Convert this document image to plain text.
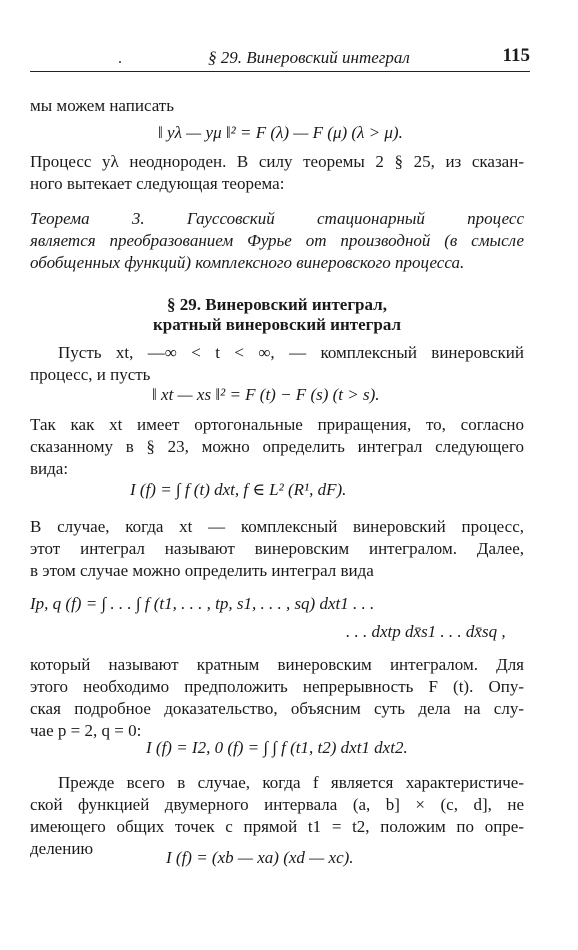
.	§ 29. Винеровский интеграл	115
мы можем написать
‖ yλ — yμ ‖² = F (λ) — F (μ) (λ > μ).
Процесс yλ неоднороден. В силу теоремы 2 § 25, из сказан-
ного вытекает следующая теорема:
Теорема 3. Гауссовский стационарный процесс
является преобразованием Фурье от производной (в смысле
обобщенных функций) комплексного винеровского процесса.
§ 29. Винеровский интеграл,
кратный винеровский интеграл
Пусть xt, —∞ < t < ∞, — комплексный винеровский
процесс, и пусть
‖ xt — xs ‖² = F (t) − F (s) (t > s).
Так как xt имеет ортогональные приращения, то, согласно
сказанному в § 23, можно определить интеграл следующего
вида:
I (f) = ∫ f (t) dxt, f ∈ L² (R¹, dF).
В случае, когда xt — комплексный винеровский процесс,
этот интеграл называют винеровским интегралом. Далее,
в этом случае можно определить интеграл вида
Ip, q (f) = ∫ . . . ∫ f (t1, . . . , tp, s1, . . . , sq) dxt1 . . .
. . . dxtp dx̄s1 . . . dx̄sq ,
который называют кратным винеровским интегралом. Для
этого необходимо предположить непрерывность F (t). Опу-
ская подробное доказательство, объясним суть дела на слу-
чае p = 2, q = 0:
I (f) = I2, 0 (f) = ∫ ∫ f (t1, t2) dxt1 dxt2.
Прежде всего в случае, когда f является характеристиче-
ской функцией двумерного интервала (a, b] × (c, d], не
имеющего общих точек с прямой t1 = t2, положим по опре-
делению	I (f) = (xb — xa) (xd — xc).
